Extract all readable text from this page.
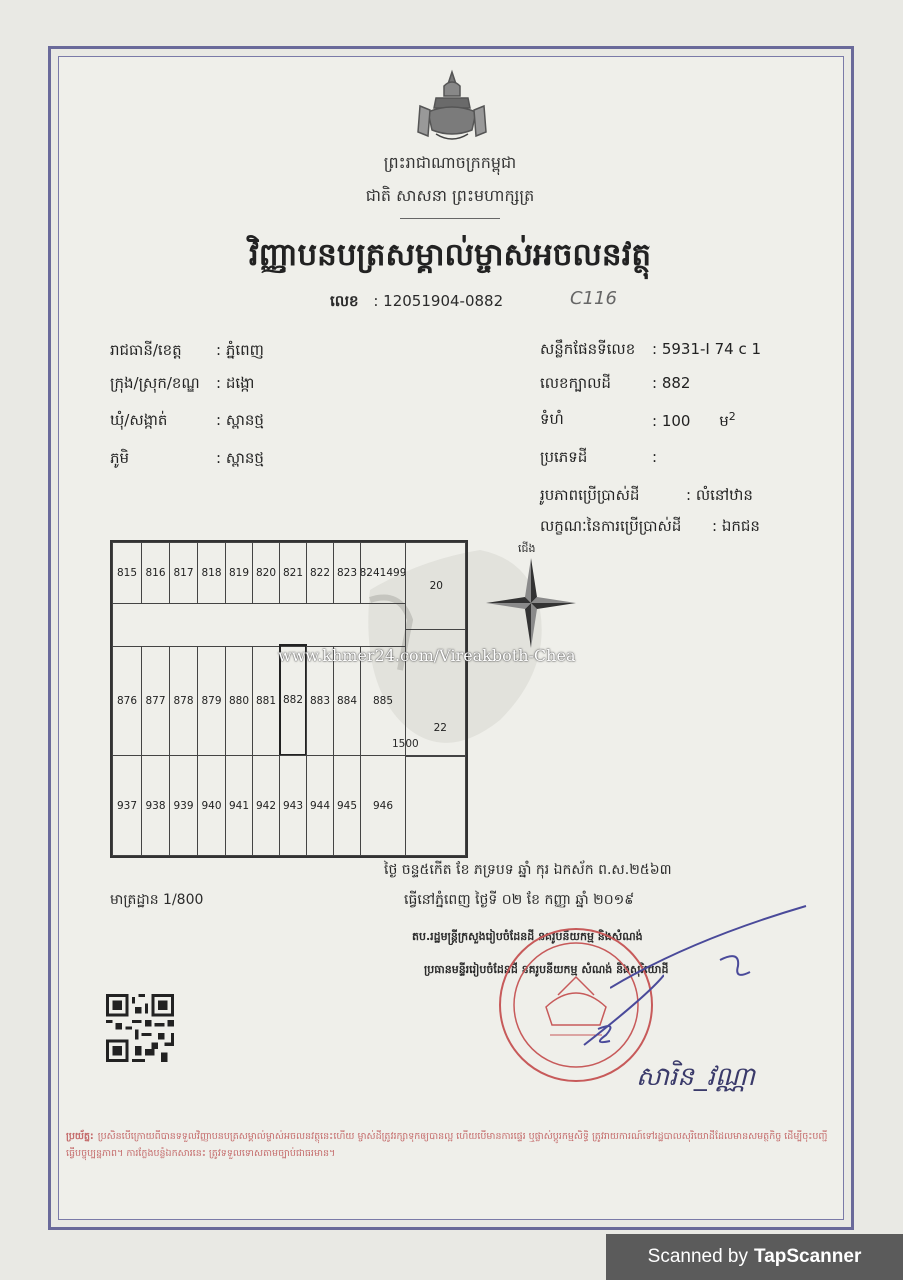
ព្រះរាជាណាចក្រកម្ពុជា
ជាតិ សាសនា ព្រះមហាក្សត្រ
វិញ្ញាបនបត្រសម្គាល់ម្ចាស់អចលនវត្ថុ
លេខ : 12051904-0882	C116
រាជធានី/ខេត្ត : ភ្នំពេញ
ក្រុង/ស្រុក/ខណ្ឌ : ដង្កោ
ឃុំ/សង្កាត់	: ស្ពានថ្ម
ភូមិ	: ស្ពានថ្ម
សន្លឹកផែនទីលេខ : 5931-I 74 c 1
លេខក្បាលដី	: 882
ទំហំ	: 100 ម$^2$
ប្រភេទដី	:
រូបភាពប្រើប្រាស់ដី	: លំនៅឋាន
លក្ខណៈនៃការប្រើប្រាស់ដី : ឯកជន
815 816 817 818 819 820 821 822 823 8241499
20
876 877 878 879 880 881 882 883 884	885
22
1500
937 938 939 940 941 942 943 944 945	946
ជើង
www.khmer24.com/Vireakboth-Chea
ថ្ងៃ ចន្ទ៥កើត ខែ ភទ្របទ ឆ្នាំ កុរ ឯកស័ក ព.ស.២៥៦៣
ធ្វើនៅភ្នំពេញ ថ្ងៃទី ០២ ខែ កញ្ញា ឆ្នាំ ២០១៩
មាត្រដ្ឋាន 1/800
តប.រដ្ឋមន្ត្រីក្រសួងរៀបចំដែនដី នគរូបនីយកម្ម និងសំណង់
ប្រធានមន្ទីររៀបចំដែនដី នគរូបនីយកម្ម សំណង់ និងសុរិយោដី
សារិន_វណ្ណា
ប្រយ័ត្ន: ប្រសិនបើក្រោយពីបានទទួលវិញ្ញាបនបត្រសម្គាល់ម្ចាស់អចលនវត្ថុនេះហើយ ម្ចាស់ដីត្រូវរក្សាទុកឲ្យបានល្អ ហើយបើមានការផ្ទេរ ឬផ្លាស់ប្តូរកម្មសិទ្ធិ ត្រូវរាយការណ៍ទៅរដ្ឋបាលសុរិយោដីដែលមានសមត្ថកិច្ច ដើម្បីចុះបញ្ជីធ្វើបច្ចុប្បន្នភាព។ ការក្លែងបន្លំឯកសារនេះ ត្រូវទទួលទោសតាមច្បាប់ជាធរមាន។
Scanned by TapScanner
